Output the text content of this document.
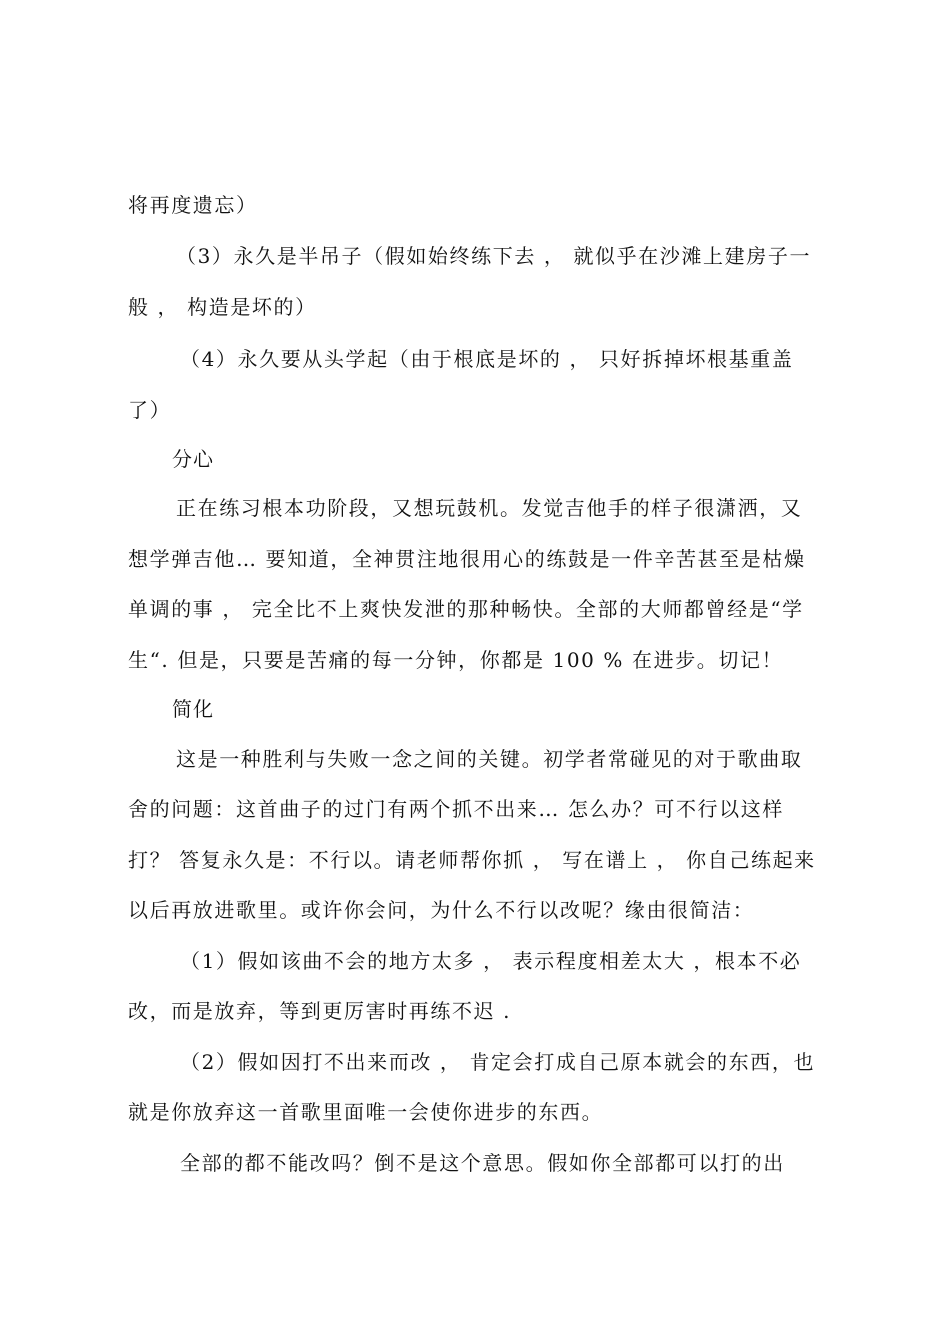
将再度遗忘）
（3）永久是半吊子（假如始终练下去 ， 就似乎在沙滩上建房子一
般 ， 构造是坏的）
（4）永久要从头学起（由于根底是坏的 ， 只好拆掉坏根基重盖
了）
分心
正在练习根本功阶段，又想玩鼓机。发觉吉他手的样子很潇洒，又
想学弹吉他… 要知道，全神贯注地很用心的练鼓是一件辛苦甚至是枯燥
单调的事 ， 完全比不上爽快发泄的那种畅快。全部的大师都曾经是“学
生“. 但是，只要是苦痛的每一分钟，你都是 100 % 在进步。切记！
简化
这是一种胜利与失败一念之间的关键。初学者常碰见的对于歌曲取
舍的问题：这首曲子的过门有两个抓不出来… 怎么办？可不行以这样
打？ 答复永久是：不行以。请老师帮你抓 ， 写在谱上 ， 你自己练起来
以后再放进歌里。或许你会问，为什么不行以改呢？缘由很简洁：
（1）假如该曲不会的地方太多 ， 表示程度相差太大 ，根本不必
改，而是放弃，等到更厉害时再练不迟 .
（2）假如因打不出来而改 ， 肯定会打成自己原本就会的东西，也
就是你放弃这一首歌里面唯一会使你进步的东西。
全部的都不能改吗？倒不是这个意思。假如你全部都可以打的出
